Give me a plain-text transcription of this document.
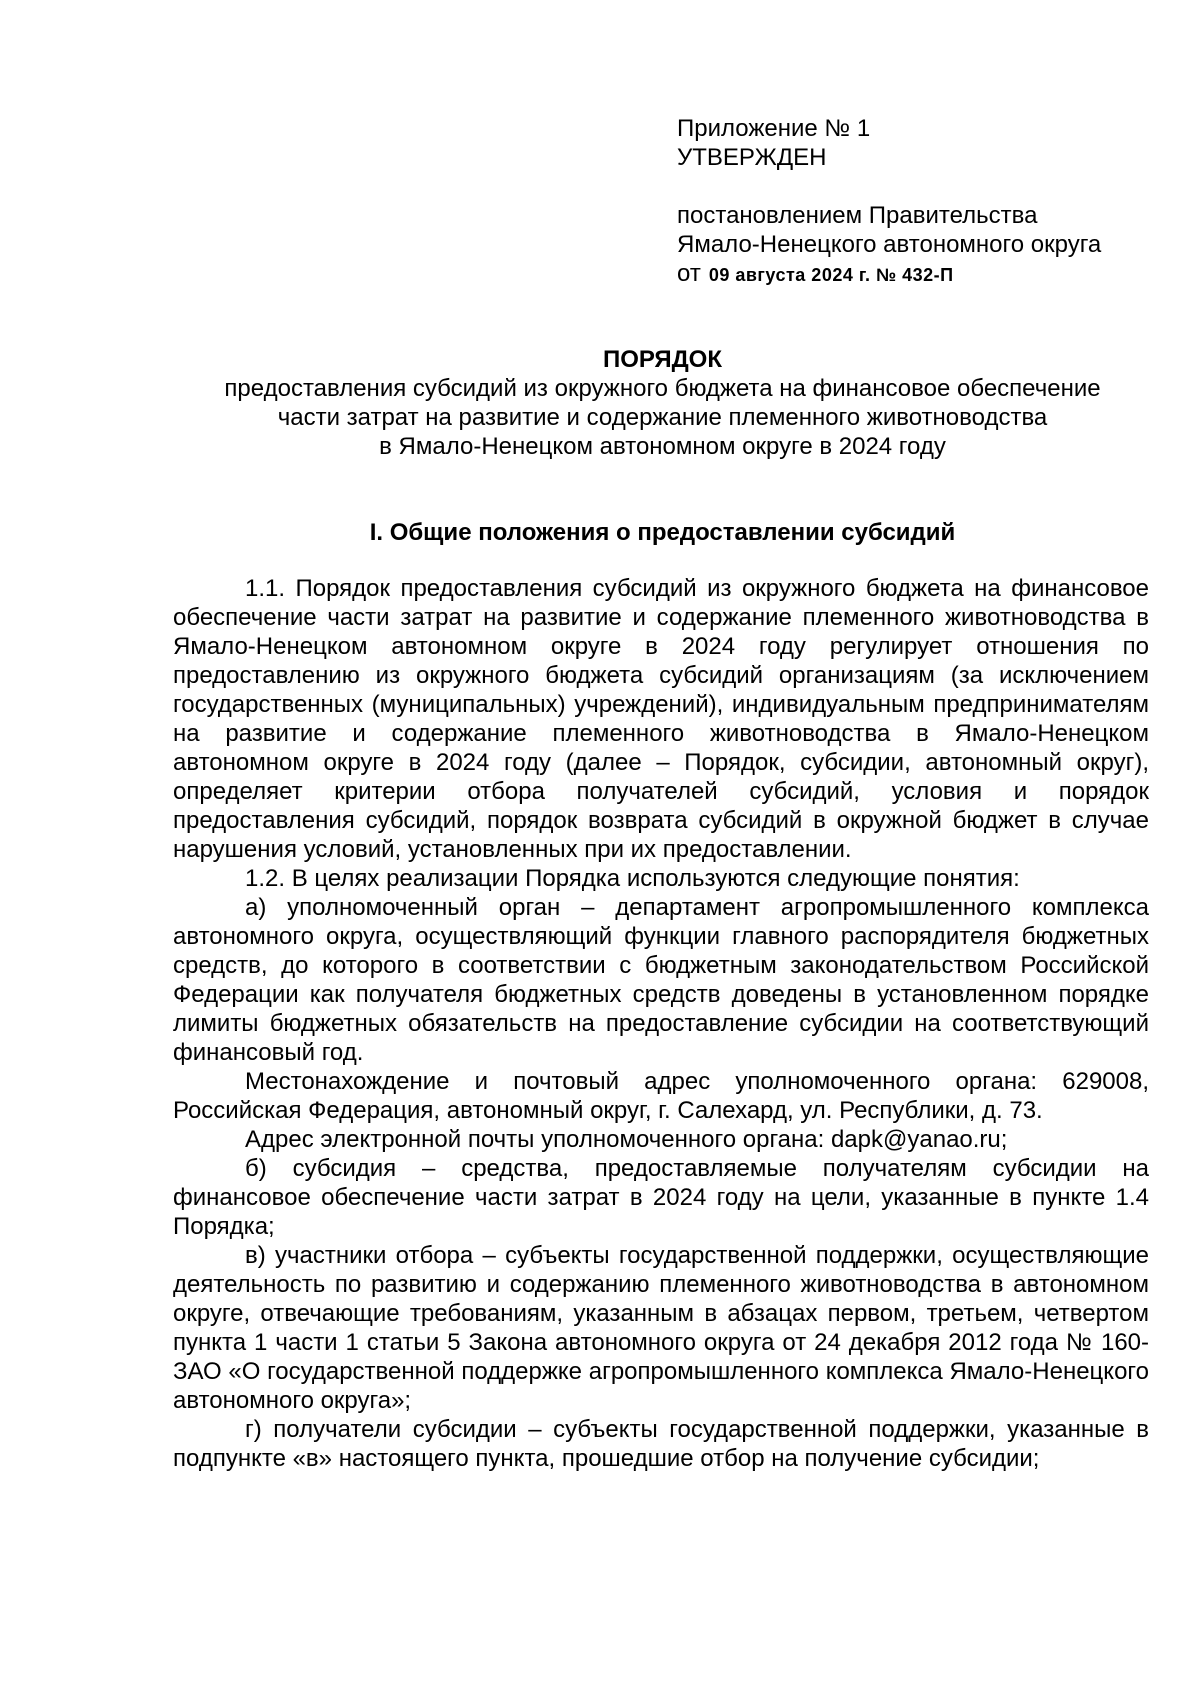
Приложение № 1
УТВЕРЖДЕН
постановлением Правительства
Ямало-Ненецкого автономного округа
от 09 августа 2024 г. № 432-П
ПОРЯДОК
предоставления субсидий из окружного бюджета на финансовое обеспечение
части затрат на развитие и содержание племенного животноводства
в Ямало-Ненецком автономном округе в 2024 году
I. Общие положения о предоставлении субсидий

1.1. Порядок предоставления субсидий из окружного бюджета на финансовое обеспечение части затрат на развитие и содержание племенного животноводства в Ямало-Ненецком автономном округе в 2024 году регулирует отношения по предоставлению из окружного бюджета субсидий организациям (за исключением государственных (муниципальных) учреждений), индивидуальным предпринимателям на развитие и содержание племенного животноводства в Ямало-Ненецком автономном округе в 2024 году (далее – Порядок, субсидии, автономный округ), определяет критерии отбора получателей субсидий, условия и порядок предоставления субсидий, порядок возврата субсидий в окружной бюджет в случае нарушения условий, установленных при их предоставлении.

1.2. В целях реализации Порядка используются следующие понятия:

а) уполномоченный орган – департамент агропромышленного комплекса автономного округа, осуществляющий функции главного распорядителя бюджетных средств, до которого в соответствии с бюджетным законодательством Российской Федерации как получателя бюджетных средств доведены в установленном порядке лимиты бюджетных обязательств на предоставление субсидии на соответствующий финансовый год.

Местонахождение и почтовый адрес уполномоченного органа: 629008, Российская Федерация, автономный округ, г. Салехард, ул. Республики, д. 73.

Адрес электронной почты уполномоченного органа: dapk@yanao.ru;

б) субсидия – средства, предоставляемые получателям субсидии на финансовое обеспечение части затрат в 2024 году на цели, указанные в пункте 1.4 Порядка;

в) участники отбора – субъекты государственной поддержки, осуществляющие деятельность по развитию и содержанию племенного животноводства в автономном округе, отвечающие требованиям, указанным в абзацах первом, третьем, четвертом пункта 1 части 1 статьи 5 Закона автономного округа от 24 декабря 2012 года № 160-ЗАО «О государственной поддержке агропромышленного комплекса Ямало-Ненецкого автономного округа»;

г) получатели субсидии – субъекты государственной поддержки, указанные в подпункте «в» настоящего пункта, прошедшие отбор на получение субсидии;
